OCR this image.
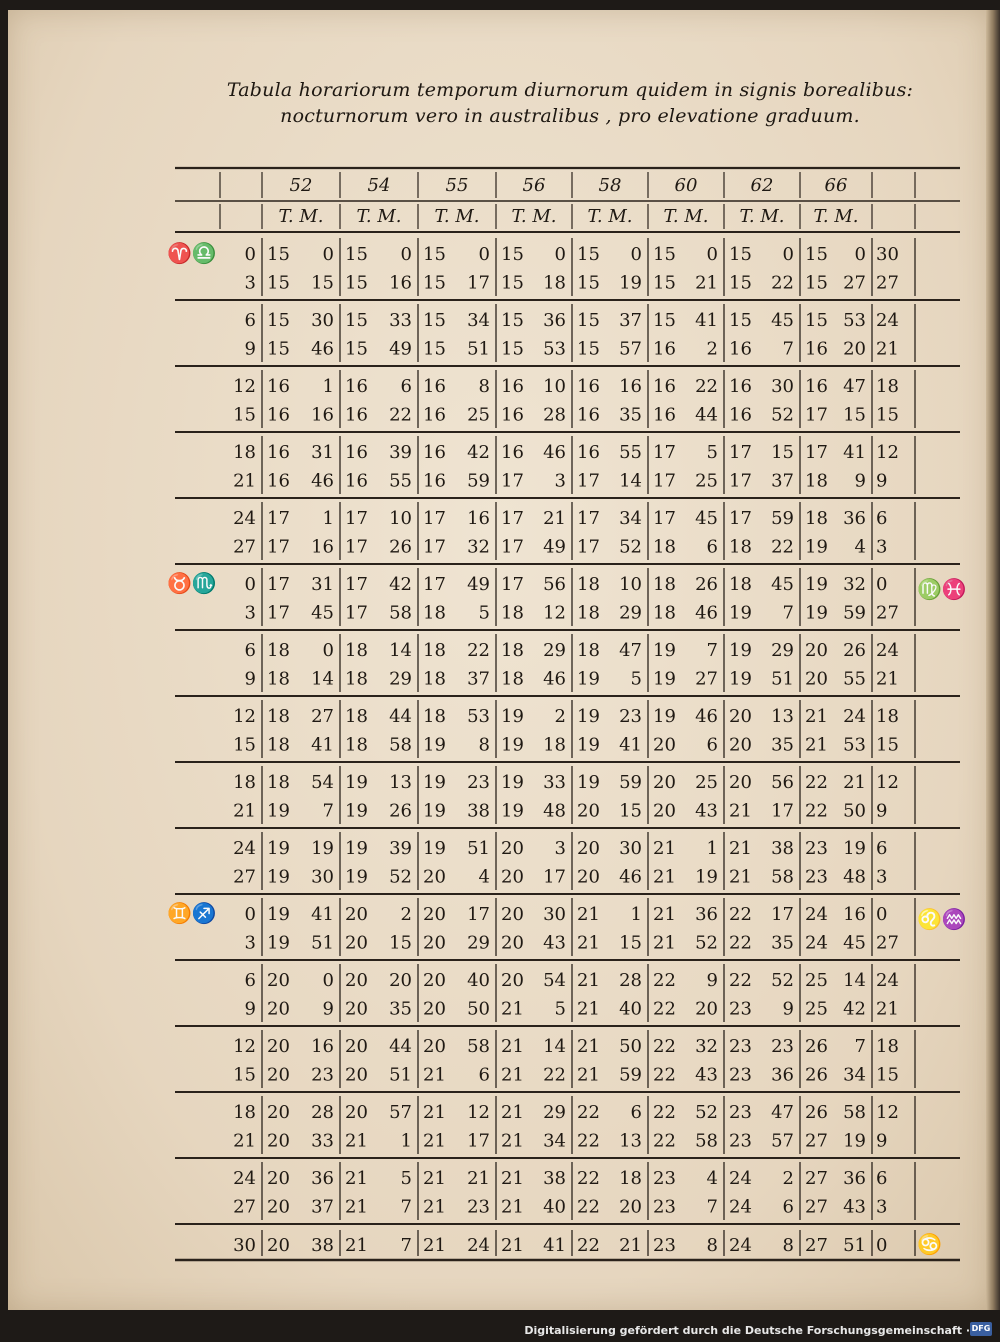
Tabula horariorum temporum diurnorum quidem in signis borealibus:
nocturnorum vero in australibus , pro elevatione graduum.
52
T. M.
54
T. M.
55
T. M.
56
T. M.
58
T. M.
60
T. M.
62
T. M.
66
T. M.
0 15 0 15 0 15 0 15 0 15 0 15 0 15 0 15 0 30
3 15 15 15 16 15 17 15 18 15 19 15 21 15 22 15 27 27
6 15 30 15 33 15 34 15 36 15 37 15 41 15 45 15 53 24
9 15 46 15 49 15 51 15 53 15 57 16 2 16 7 16 20 21
12 16 1 16 6 16 8 16 10 16 16 16 22 16 30 16 47 18
15 16 16 16 22 16 25 16 28 16 35 16 44 16 52 17 15 15
18 16 31 16 39 16 42 16 46 16 55 17 5 17 15 17 41 12
21 16 46 16 55 16 59 17 3 17 14 17 25 17 37 18 9 9
24 17 1 17 10 17 16 17 21 17 34 17 45 17 59 18 36 6
27 17 16 17 26 17 32 17 49 17 52 18 6 18 22 19 4 3
0 17 31 17 42 17 49 17 56 18 10 18 26 18 45 19 32 0
3 17 45 17 58 18 5 18 12 18 29 18 46 19 7 19 59 27
6 18 0 18 14 18 22 18 29 18 47 19 7 19 29 20 26 24
9 18 14 18 29 18 37 18 46 19 5 19 27 19 51 20 55 21
12 18 27 18 44 18 53 19 2 19 23 19 46 20 13 21 24 18
15 18 41 18 58 19 8 19 18 19 41 20 6 20 35 21 53 15
18 18 54 19 13 19 23 19 33 19 59 20 25 20 56 22 21 12
21 19 7 19 26 19 38 19 48 20 15 20 43 21 17 22 50 9
24 19 19 19 39 19 51 20 3 20 30 21 1 21 38 23 19 6
27 19 30 19 52 20 4 20 17 20 46 21 19 21 58 23 48 3
0 19 41 20 2 20 17 20 30 21 1 21 36 22 17 24 16 0
3 19 51 20 15 20 29 20 43 21 15 21 52 22 35 24 45 27
6 20 0 20 20 20 40 20 54 21 28 22 9 22 52 25 14 24
9 20 9 20 35 20 50 21 5 21 40 22 20 23 9 25 42 21
12 20 16 20 44 20 58 21 14 21 50 22 32 23 23 26 7 18
15 20 23 20 51 21 6 21 22 21 59 22 43 23 36 26 34 15
18 20 28 20 57 21 12 21 29 22 6 22 52 23 47 26 58 12
21 20 33 21 1 21 17 21 34 22 13 22 58 23 57 27 19 9
24 20 36 21 5 21 21 21 38 22 18 23 4 24 2 27 36 6
27 20 37 21 7 21 23 21 40 22 20 23 7 24 6 27 43 3
♈♎
♉♏
♊♐
♍♓
♌♒
30 20 38 21 7 21 24 21 41 22 21 23 8 24 8 27 51 0 ♋
Digitalisierung gefördert durch die Deutsche Forschungsgemeinschaft · DFG
